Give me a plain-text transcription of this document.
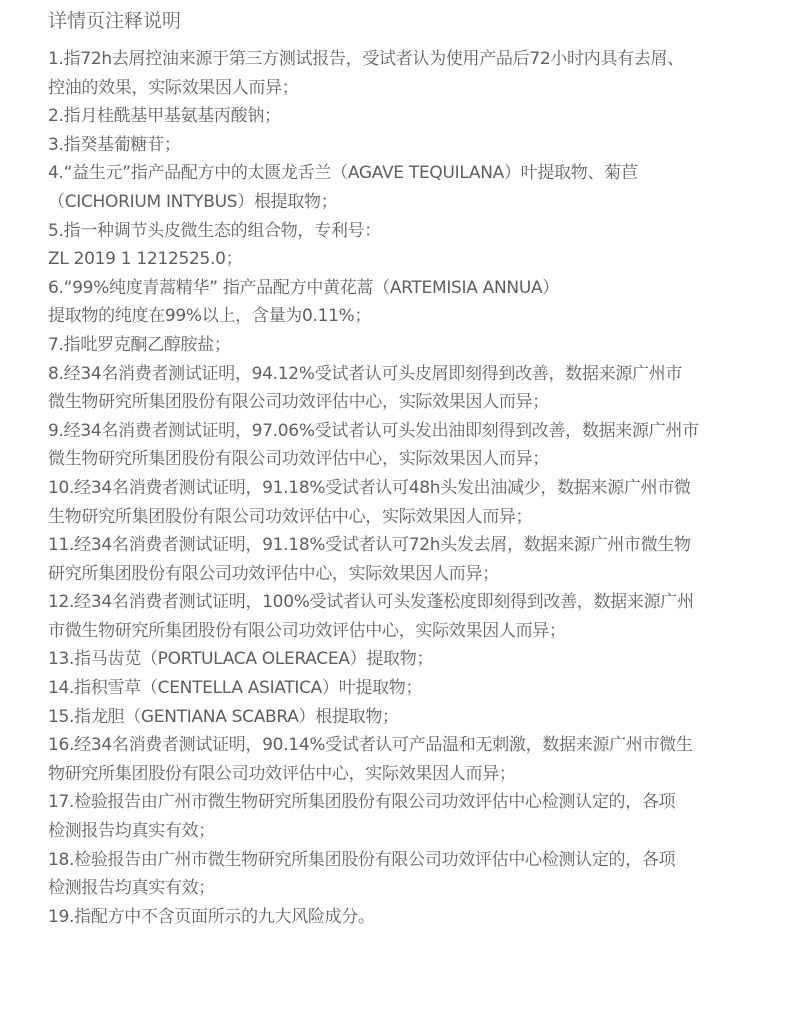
详情页注释说明

1.指72h去屑控油来源于第三方测试报告，受试者认为使用产品后72小时内具有去屑、

控油的效果，实际效果因人而异；

2.指月桂酰基甲基氨基丙酸钠；

3.指癸基葡糖苷；

4.“益生元”指产品配方中的太匮龙舌兰（AGAVE TEQUILANA）叶提取物、菊苣

（CICHORIUM INTYBUS）根提取物；

5.指一种调节头皮微生态的组合物，专利号：

ZL 2019 1 1212525.0；

6.“99%纯度青蒿精华” 指产品配方中黄花蒿（ARTEMISIA ANNUA）

提取物的纯度在99%以上，含量为0.11%；

7.指吡罗克酮乙醇胺盐；

8.经34名消费者测试证明，94.12%受试者认可头皮屑即刻得到改善，数据来源广州市

微生物研究所集团股份有限公司功效评估中心，实际效果因人而异；

9.经34名消费者测试证明，97.06%受试者认可头发出油即刻得到改善，数据来源广州市

微生物研究所集团股份有限公司功效评估中心，实际效果因人而异；

10.经34名消费者测试证明，91.18%受试者认可48h头发出油减少，数据来源广州市微

生物研究所集团股份有限公司功效评估中心，实际效果因人而异；

11.经34名消费者测试证明，91.18%受试者认可72h头发去屑，数据来源广州市微生物

研究所集团股份有限公司功效评估中心，实际效果因人而异；

12.经34名消费者测试证明，100%受试者认可头发蓬松度即刻得到改善，数据来源广州

市微生物研究所集团股份有限公司功效评估中心，实际效果因人而异；

13.指马齿苋（PORTULACA OLERACEA）提取物；

14.指积雪草（CENTELLA ASIATICA）叶提取物；

15.指龙胆（GENTIANA SCABRA）根提取物；

16.经34名消费者测试证明，90.14%受试者认可产品温和无刺激，数据来源广州市微生

物研究所集团股份有限公司功效评估中心，实际效果因人而异；

17.检验报告由广州市微生物研究所集团股份有限公司功效评估中心检测认定的，各项

检测报告均真实有效；

18.检验报告由广州市微生物研究所集团股份有限公司功效评估中心检测认定的，各项

检测报告均真实有效；

19.指配方中不含页面所示的九大风险成分。
